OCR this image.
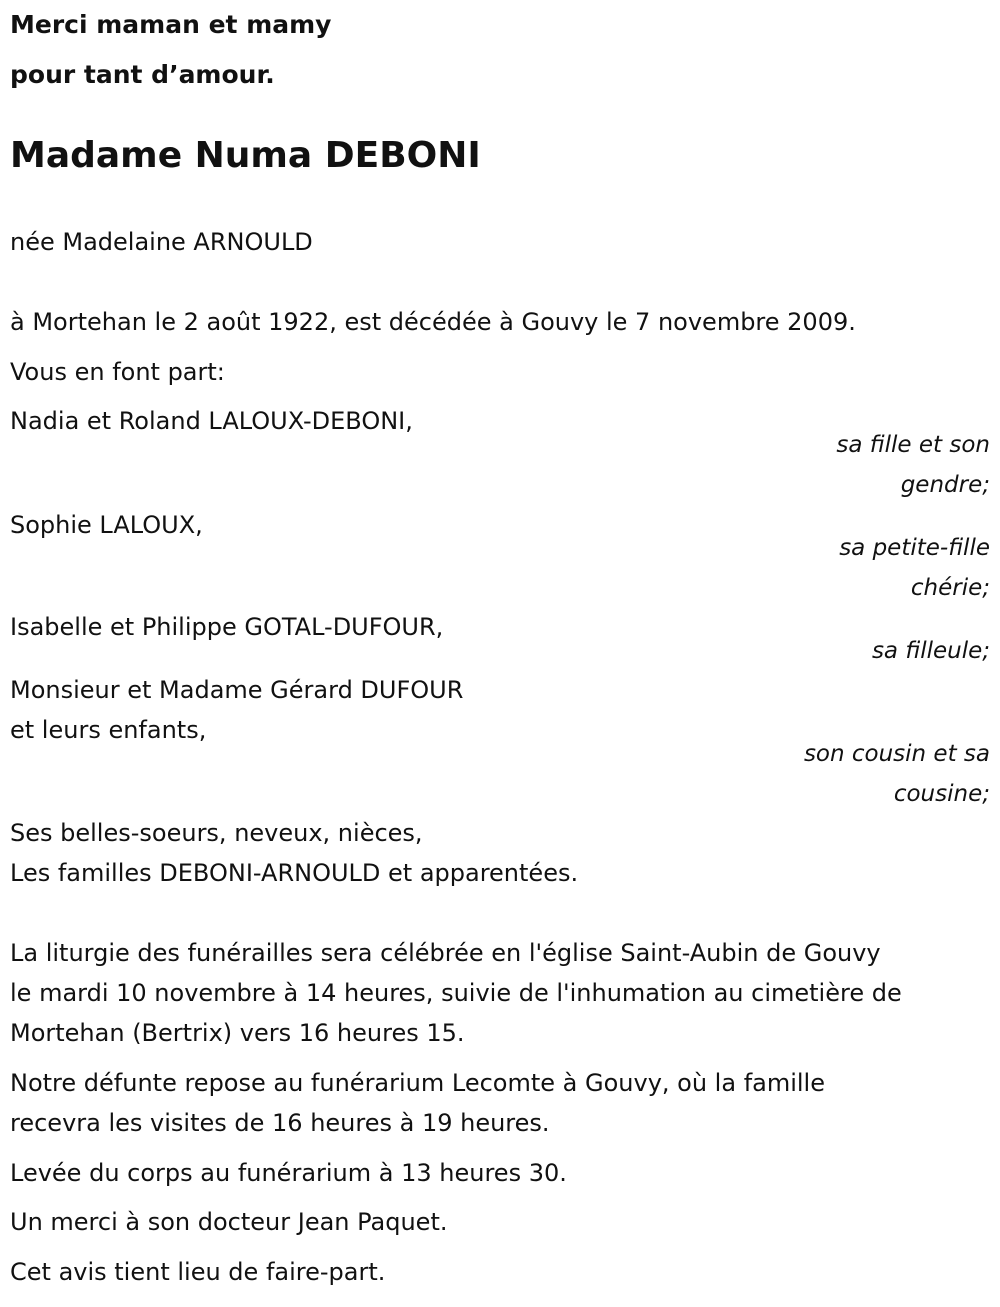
Merci maman et mamy

pour tant d’amour.

Madame Numa DEBONI

née Madelaine ARNOULD

à Mortehan le 2 août 1922, est décédée à Gouvy le 7 novembre 2009.

Vous en font part:

Nadia et Roland LALOUX-DEBONI,

sa fille et son gendre;

Sophie LALOUX,

sa petite-fille chérie;

Isabelle et Philippe GOTAL-DUFOUR,

sa filleule;

Monsieur et Madame Gérard DUFOUR

et leurs enfants,

son cousin et sa cousine;

Ses belles-soeurs, neveux, nièces,

Les familles DEBONI-ARNOULD et apparentées.

La liturgie des funérailles sera célébrée en l'église Saint-Aubin de Gouvy

le mardi 10 novembre à 14 heures, suivie de l'inhumation au cimetière de

Mortehan (Bertrix) vers 16 heures 15.

Notre défunte repose au funérarium Lecomte à Gouvy, où la famille

recevra les visites de 16 heures à 19 heures.

Levée du corps au funérarium à 13 heures 30.

Un merci à son docteur Jean Paquet.

Cet avis tient lieu de faire-part.
